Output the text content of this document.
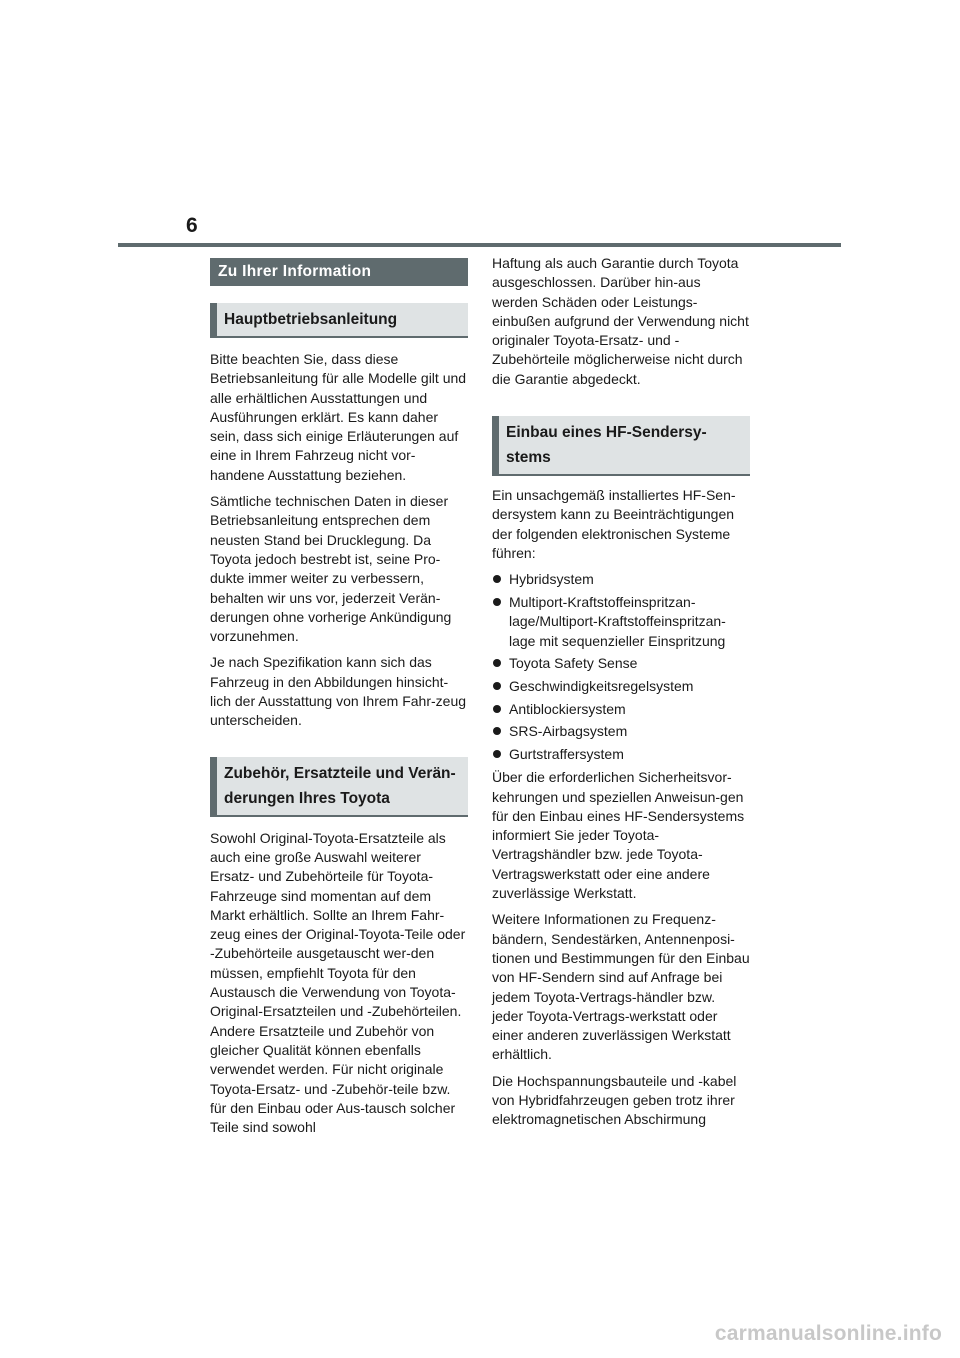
6
Zu Ihrer Information
Hauptbetriebsanleitung

Bitte beachten Sie, dass diese Betriebsanleitung für alle Modelle gilt und alle erhältlichen Ausstattungen und Ausführungen erklärt. Es kann daher sein, dass sich einige Erläuterungen auf eine in Ihrem Fahrzeug nicht vor-handene Ausstattung beziehen.

Sämtliche technischen Daten in dieser Betriebsanleitung entsprechen dem neusten Stand bei Drucklegung. Da Toyota jedoch bestrebt ist, seine Pro-dukte immer weiter zu verbessern, behalten wir uns vor, jederzeit Verän-derungen ohne vorherige Ankündigung vorzunehmen.

Je nach Spezifikation kann sich das Fahrzeug in den Abbildungen hinsicht-lich der Ausstattung von Ihrem Fahr-zeug unterscheiden.

Zubehör, Ersatzteile und Verän-derungen Ihres Toyota

Sowohl Original-Toyota-Ersatzteile als auch eine große Auswahl weiterer Ersatz- und Zubehörteile für Toyota-Fahrzeuge sind momentan auf dem Markt erhältlich. Sollte an Ihrem Fahr-zeug eines der Original-Toyota-Teile oder -Zubehörteile ausgetauscht wer-den müssen, empfiehlt Toyota für den Austausch die Verwendung von Toyota-Original-Ersatzteilen und -Zubehörteilen. Andere Ersatzteile und Zubehör von gleicher Qualität können ebenfalls verwendet werden. Für nicht originale Toyota-Ersatz- und -Zubehör-teile bzw. für den Einbau oder Aus-tausch solcher Teile sind sowohl

Haftung als auch Garantie durch Toyota ausgeschlossen. Darüber hin-aus werden Schäden oder Leistungs-einbußen aufgrund der Verwendung nicht originaler Toyota-Ersatz- und -Zubehörteile möglicherweise nicht durch die Garantie abgedeckt.

Einbau eines HF-Sendersy-stems

Ein unsachgemäß installiertes HF-Sen-dersystem kann zu Beeinträchtigungen der folgenden elektronischen Systeme führen:

Hybridsystem
Multiport-Kraftstoffeinspritzan-lage/Multiport-Kraftstoffeinspritzan-lage mit sequenzieller Einspritzung
Toyota Safety Sense
Geschwindigkeitsregelsystem
Antiblockiersystem
SRS-Airbagsystem
Gurtstraffersystem

Über die erforderlichen Sicherheitsvor-kehrungen und speziellen Anweisun-gen für den Einbau eines HF-Sendersystems informiert Sie jeder Toyota-Vertragshändler bzw. jede Toyota-Vertragswerkstatt oder eine andere zuverlässige Werkstatt.

Weitere Informationen zu Frequenz-bändern, Sendestärken, Antennenposi-tionen und Bestimmungen für den Einbau von HF-Sendern sind auf Anfrage bei jedem Toyota-Vertrags-händler bzw. jeder Toyota-Vertrags-werkstatt oder einer anderen zuverlässigen Werkstatt erhältlich.

Die Hochspannungsbauteile und -kabel von Hybridfahrzeugen geben trotz ihrer elektromagnetischen Abschirmung

carmanualsonline.info
